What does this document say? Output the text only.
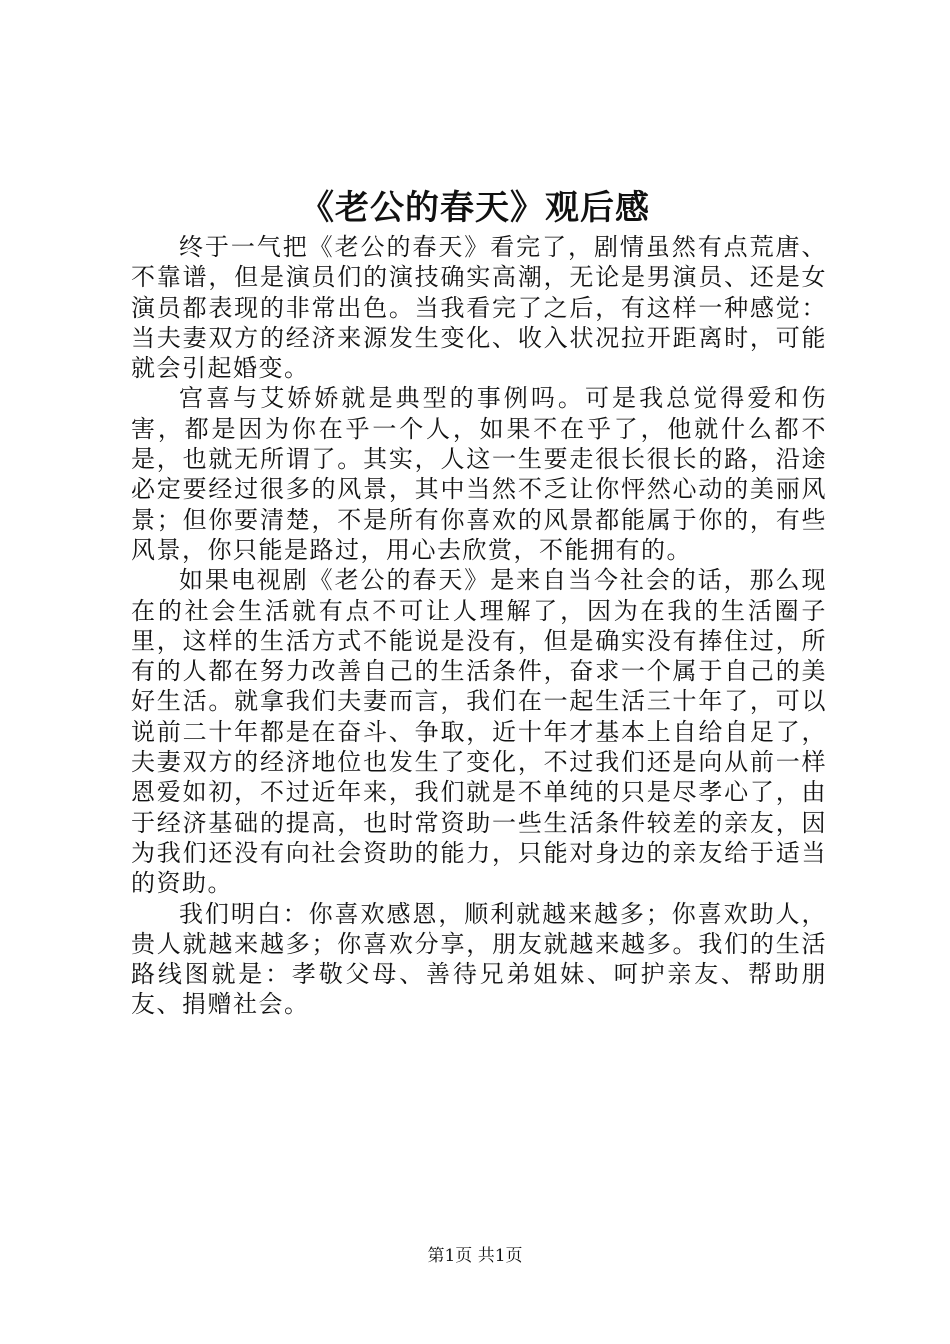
《老公的春天》观后感

终于一气把《老公的春天》看完了，剧情虽然有点荒唐、不靠谱，但是演员们的演技确实高潮，无论是男演员、还是女演员都表现的非常出色。当我看完了之后，有这样一种感觉：当夫妻双方的经济来源发生变化、收入状况拉开距离时，可能就会引起婚变。

宫喜与艾娇娇就是典型的事例吗。可是我总觉得爱和伤害，都是因为你在乎一个人，如果不在乎了，他就什么都不是，也就无所谓了。其实，人这一生要走很长很长的路，沿途必定要经过很多的风景，其中当然不乏让你怦然心动的美丽风景；但你要清楚，不是所有你喜欢的风景都能属于你的，有些风景，你只能是路过，用心去欣赏，不能拥有的。

如果电视剧《老公的春天》是来自当今社会的话，那么现在的社会生活就有点不可让人理解了，因为在我的生活圈子里，这样的生活方式不能说是没有，但是确实没有捧住过，所有的人都在努力改善自己的生活条件，奋求一个属于自己的美好生活。就拿我们夫妻而言，我们在一起生活三十年了，可以说前二十年都是在奋斗、争取，近十年才基本上自给自足了，夫妻双方的经济地位也发生了变化，不过我们还是向从前一样恩爱如初，不过近年来，我们就是不单纯的只是尽孝心了，由于经济基础的提高，也时常资助一些生活条件较差的亲友，因为我们还没有向社会资助的能力，只能对身边的亲友给于适当的资助。

我们明白：你喜欢感恩，顺利就越来越多；你喜欢助人，贵人就越来越多；你喜欢分享，朋友就越来越多。我们的生活路线图就是：孝敬父母、善待兄弟姐妹、呵护亲友、帮助朋友、捐赠社会。

第1页 共1页
